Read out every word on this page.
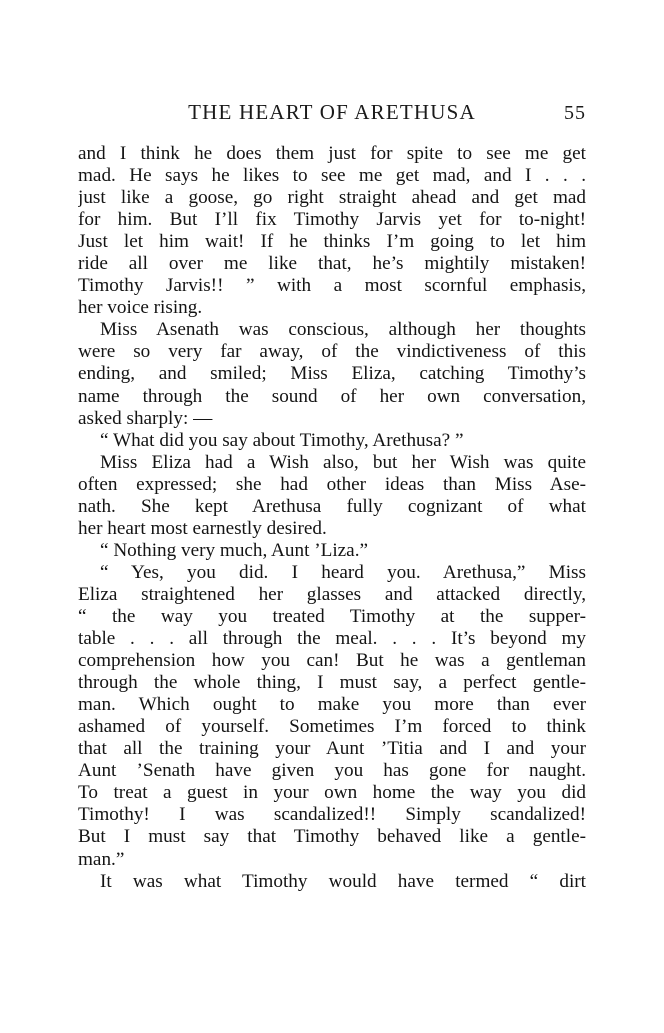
THE HEART OF ARETHUSA	55
and I think he does them just for spite to see me get
mad. He says he likes to see me get mad, and I . . .
just like a goose, go right straight ahead and get mad
for him. But I’ll fix Timothy Jarvis yet for to-night!
Just let him wait! If he thinks I’m going to let him
ride all over me like that, he’s mightily mistaken!
Timothy Jarvis!! ” with a most scornful emphasis,
her voice rising.
Miss Asenath was conscious, although her thoughts
were so very far away, of the vindictiveness of this
ending, and smiled; Miss Eliza, catching Timothy’s
name through the sound of her own conversation,
asked sharply: —
“ What did you say about Timothy, Arethusa? ”
Miss Eliza had a Wish also, but her Wish was quite
often expressed; she had other ideas than Miss Ase-
nath. She kept Arethusa fully cognizant of what
her heart most earnestly desired.
“ Nothing very much, Aunt ’Liza.”
“ Yes, you did. I heard you. Arethusa,” Miss
Eliza straightened her glasses and attacked directly,
“ the way you treated Timothy at the supper-
table . . . all through the meal. . . . It’s beyond my
comprehension how you can! But he was a gentleman
through the whole thing, I must say, a perfect gentle-
man. Which ought to make you more than ever
ashamed of yourself. Sometimes I’m forced to think
that all the training your Aunt ’Titia and I and your
Aunt ’Senath have given you has gone for naught.
To treat a guest in your own home the way you did
Timothy! I was scandalized!! Simply scandalized!
But I must say that Timothy behaved like a gentle-
man.”
It was what Timothy would have termed “ dirt
